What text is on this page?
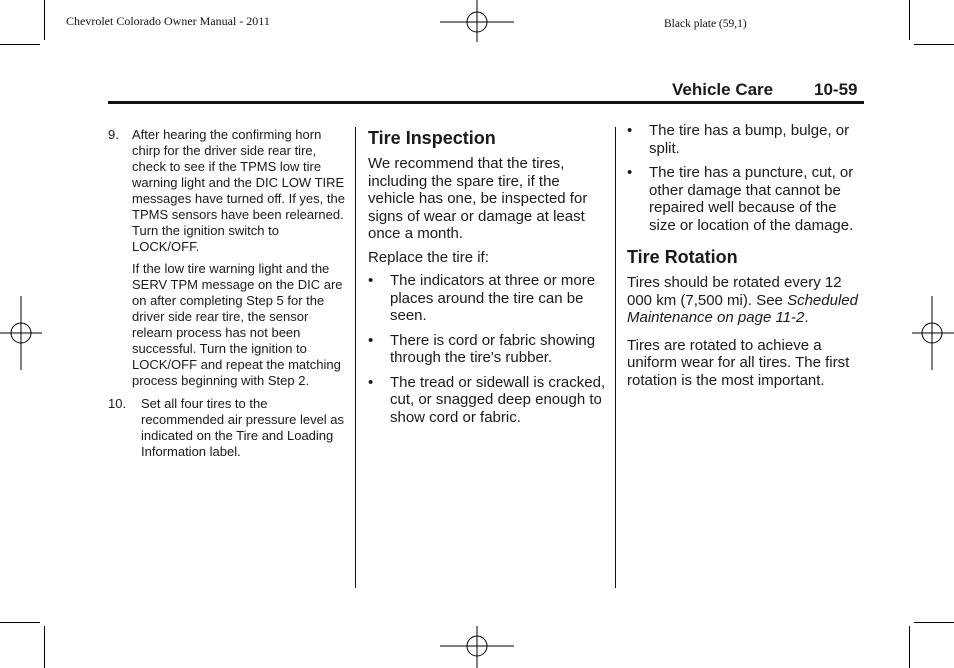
Chevrolet Colorado Owner Manual - 2011	Black plate (59,1)
Vehicle Care 10-59
9. After hearing the confirming horn chirp for the driver side rear tire, check to see if the TPMS low tire warning light and the DIC LOW TIRE messages have turned off. If yes, the TPMS sensors have been relearned. Turn the ignition switch to LOCK/OFF.

If the low tire warning light and the SERV TPM message on the DIC are on after completing Step 5 for the driver side rear tire, the sensor relearn process has not been successful. Turn the ignition to LOCK/OFF and repeat the matching process beginning with Step 2.

10. Set all four tires to the recommended air pressure level as indicated on the Tire and Loading Information label.

Tire Inspection

We recommend that the tires, including the spare tire, if the vehicle has one, be inspected for signs of wear or damage at least once a month.

Replace the tire if:

• The indicators at three or more places around the tire can be seen.

• There is cord or fabric showing through the tire's rubber.

• The tread or sidewall is cracked, cut, or snagged deep enough to show cord or fabric.

• The tire has a bump, bulge, or split.

• The tire has a puncture, cut, or other damage that cannot be repaired well because of the size or location of the damage.

Tire Rotation

Tires should be rotated every 12 000 km (7,500 mi). See Scheduled Maintenance on page 11-2.

Tires are rotated to achieve a uniform wear for all tires. The first rotation is the most important.
